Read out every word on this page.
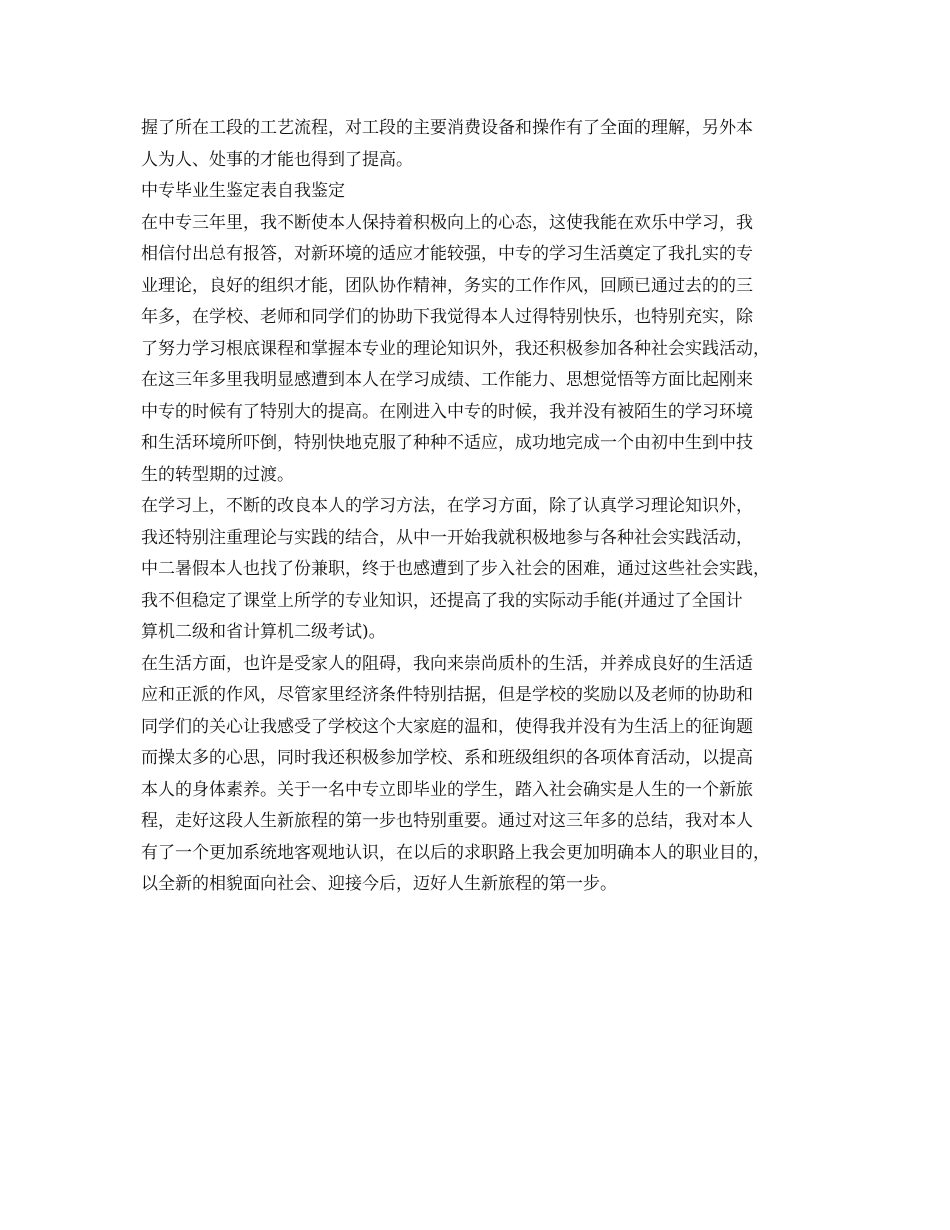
握了所在工段的工艺流程，对工段的主要消费设备和操作有了全面的理解，另外本

人为人、处事的才能也得到了提高。

中专毕业生鉴定表自我鉴定

在中专三年里，我不断使本人保持着积极向上的心态，这使我能在欢乐中学习，我

相信付出总有报答，对新环境的适应才能较强，中专的学习生活奠定了我扎实的专

业理论，良好的组织才能，团队协作精神，务实的工作作风，回顾已通过去的的三

年多，在学校、老师和同学们的协助下我觉得本人过得特别快乐，也特别充实，除

了努力学习根底课程和掌握本专业的理论知识外，我还积极参加各种社会实践活动，

在这三年多里我明显感遭到本人在学习成绩、工作能力、思想觉悟等方面比起刚来

中专的时候有了特别大的提高。在刚进入中专的时候，我并没有被陌生的学习环境

和生活环境所吓倒，特别快地克服了种种不适应，成功地完成一个由初中生到中技

生的转型期的过渡。

在学习上，不断的改良本人的学习方法，在学习方面，除了认真学习理论知识外，

我还特别注重理论与实践的结合，从中一开始我就积极地参与各种社会实践活动，

中二暑假本人也找了份兼职，终于也感遭到了步入社会的困难，通过这些社会实践，

我不但稳定了课堂上所学的专业知识，还提高了我的实际动手能(并通过了全国计

算机二级和省计算机二级考试)。

在生活方面，也许是受家人的阻碍，我向来崇尚质朴的生活，并养成良好的生活适

应和正派的作风，尽管家里经济条件特别拮据，但是学校的奖励以及老师的协助和

同学们的关心让我感受了学校这个大家庭的温和，使得我并没有为生活上的征询题

而操太多的心思，同时我还积极参加学校、系和班级组织的各项体育活动，以提高

本人的身体素养。关于一名中专立即毕业的学生，踏入社会确实是人生的一个新旅

程，走好这段人生新旅程的第一步也特别重要。通过对这三年多的总结，我对本人

有了一个更加系统地客观地认识，在以后的求职路上我会更加明确本人的职业目的，

以全新的相貌面向社会、迎接今后，迈好人生新旅程的第一步。
